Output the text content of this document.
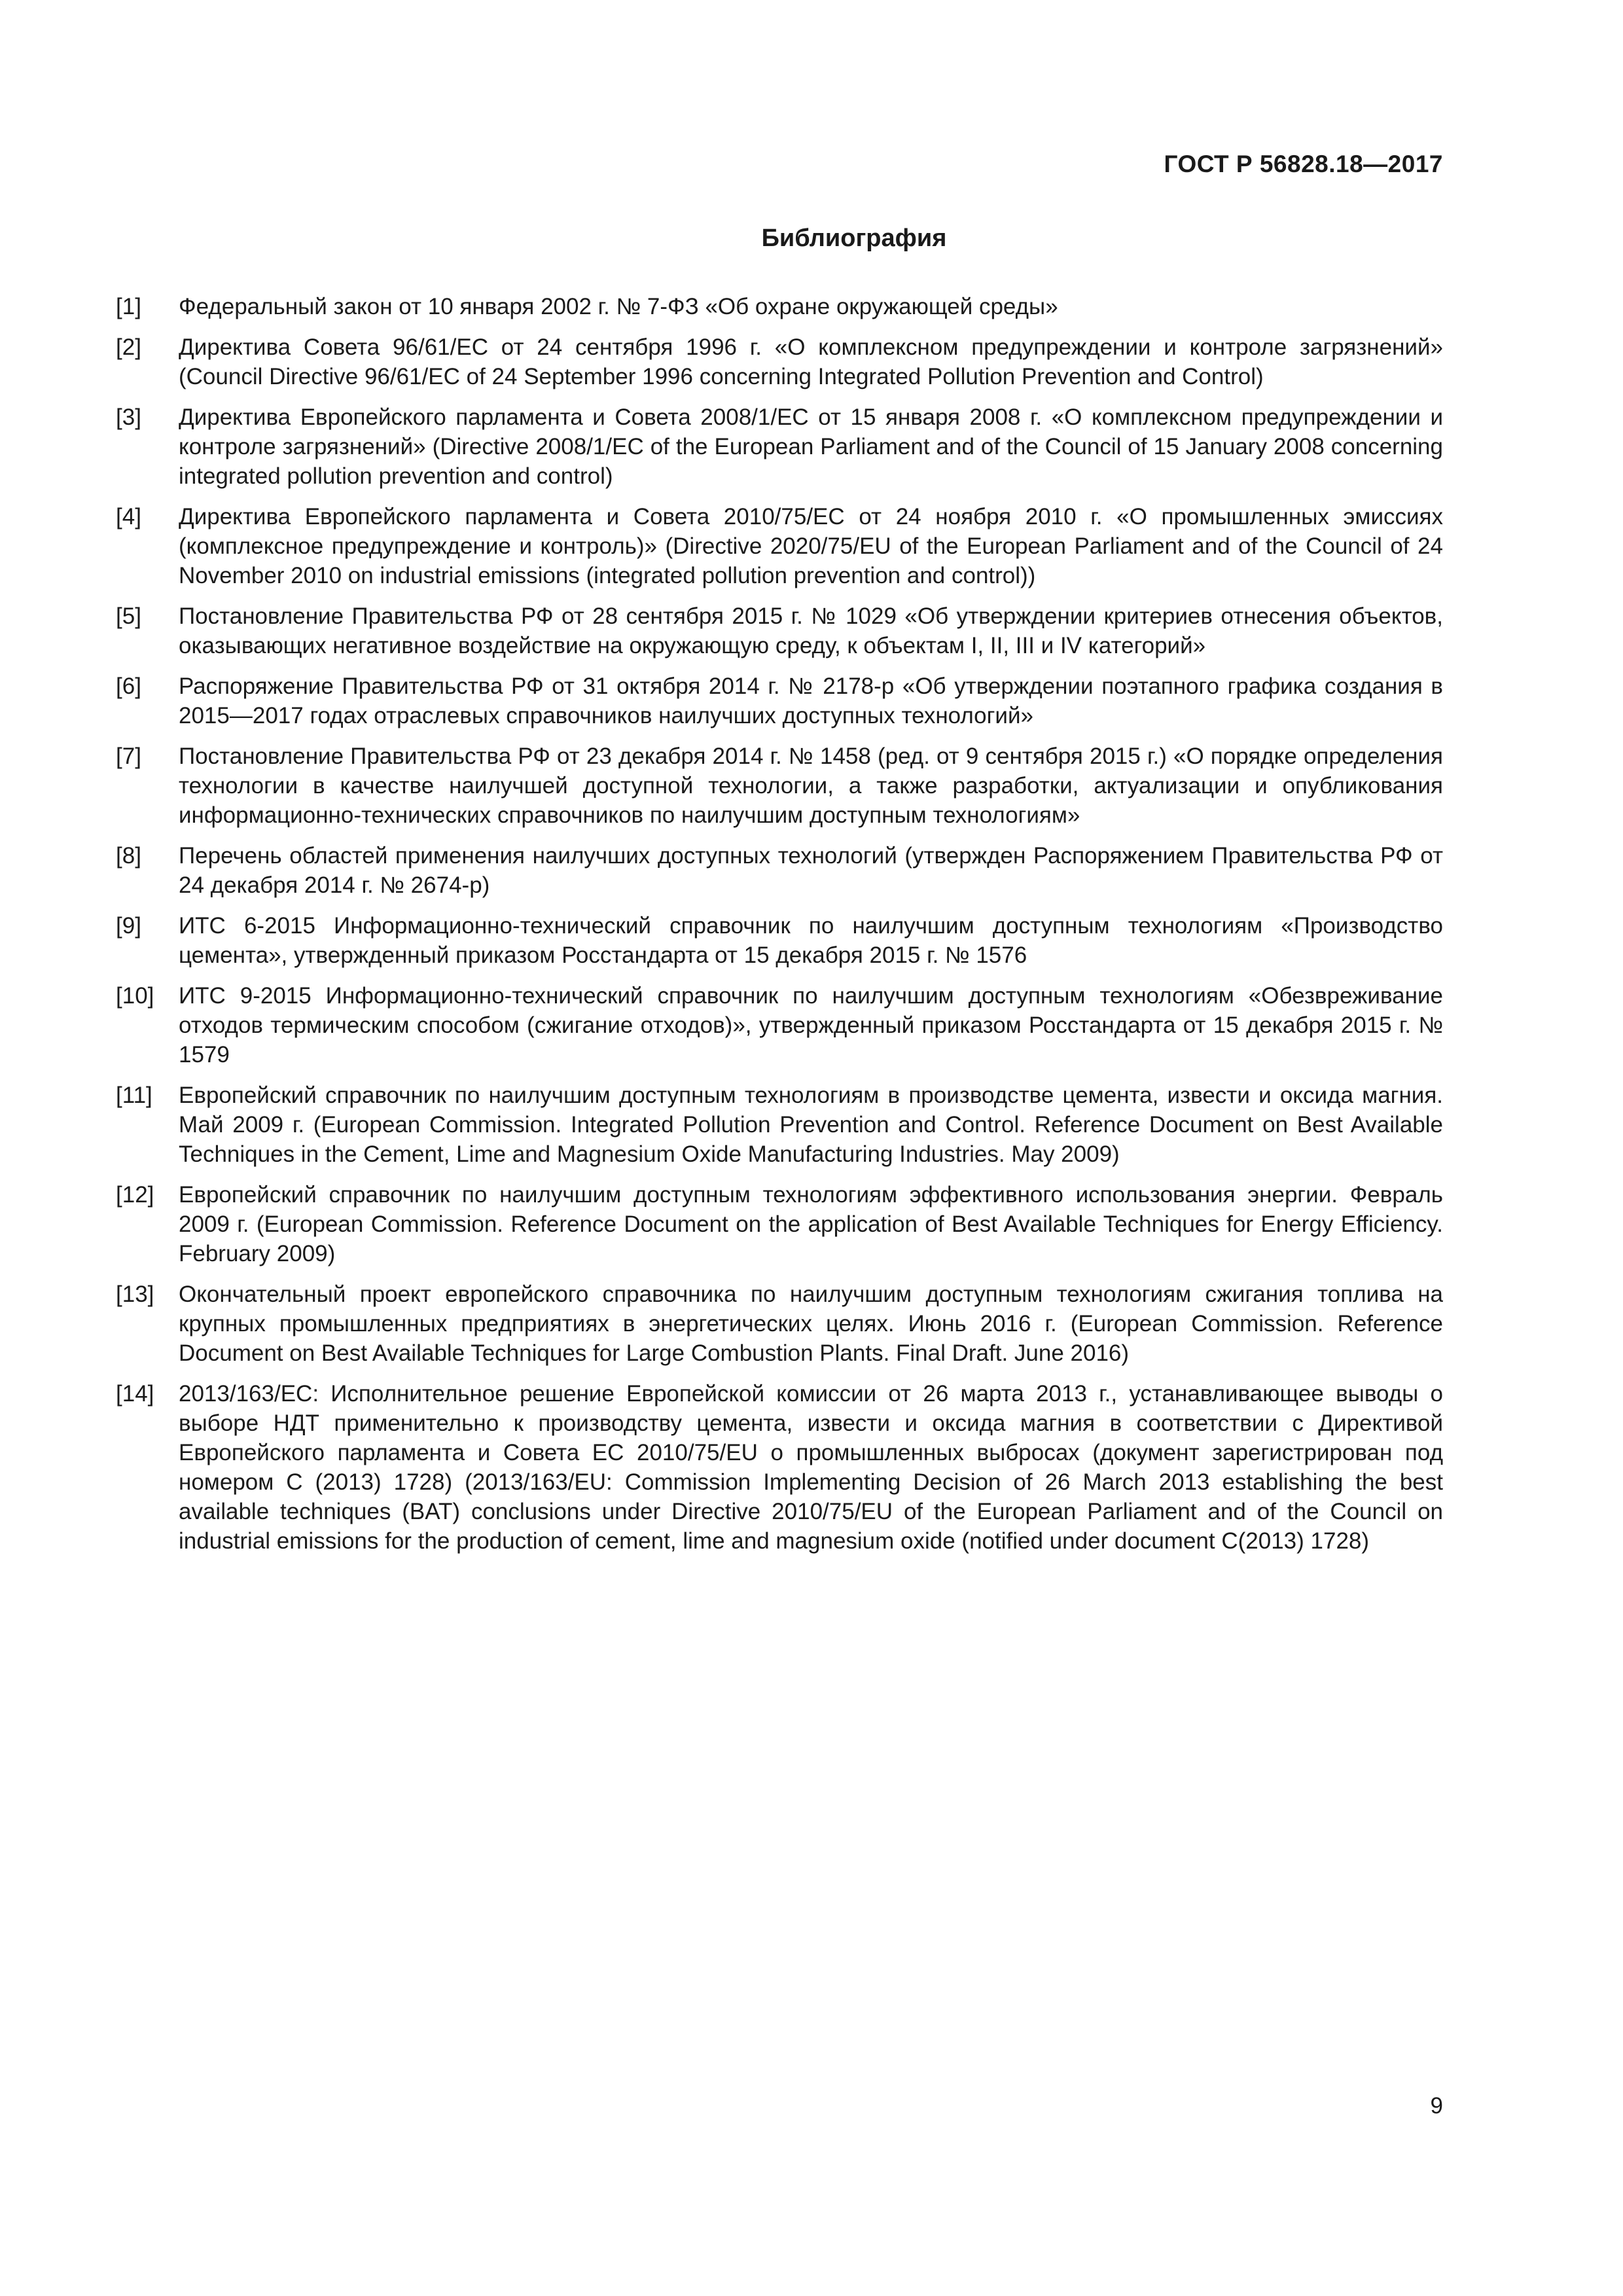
ГОСТ Р 56828.18—2017
Библиография
[1]	Федеральный закон от 10 января 2002 г. № 7-ФЗ «Об охране окружающей среды»
[2]	Директива Совета 96/61/ЕС от 24 сентября 1996 г. «О комплексном предупреждении и контроле загрязнений» (Council Directive 96/61/EC of 24 September 1996 concerning Integrated Pollution Prevention and Control)
[3]	Директива Европейского парламента и Совета 2008/1/ЕС от 15 января 2008 г. «О комплексном предупреждении и контроле загрязнений» (Directive 2008/1/EC of the European Parliament and of the Council of 15 January 2008 concerning integrated pollution prevention and control)
[4]	Директива Европейского парламента и Совета 2010/75/ЕС от 24 ноября 2010 г. «О промышленных эмиссиях (комплексное предупреждение и контроль)» (Directive 2020/75/EU of the European Parliament and of the Council of 24 November 2010 on industrial emissions (integrated pollution prevention and control))
[5]	Постановление Правительства РФ от 28 сентября 2015 г. № 1029 «Об утверждении критериев отнесения объектов, оказывающих негативное воздействие на окружающую среду, к объектам I, II, III и IV категорий»
[6]	Распоряжение Правительства РФ от 31 октября 2014 г. № 2178-р «Об утверждении поэтапного графика создания в 2015—2017 годах отраслевых справочников наилучших доступных технологий»
[7]	Постановление Правительства РФ от 23 декабря 2014 г. № 1458 (ред. от 9 сентября 2015 г.) «О порядке определения технологии в качестве наилучшей доступной технологии, а также разработки, актуализации и опубликования информационно-технических справочников по наилучшим доступным технологиям»
[8]	Перечень областей применения наилучших доступных технологий (утвержден Распоряжением Правительства РФ от 24 декабря 2014 г. № 2674-р)
[9]	ИТС 6-2015 Информационно-технический справочник по наилучшим доступным технологиям «Производство цемента», утвержденный приказом Росстандарта от 15 декабря 2015 г. № 1576
[10]	ИТС 9-2015 Информационно-технический справочник по наилучшим доступным технологиям «Обезвреживание отходов термическим способом (сжигание отходов)», утвержденный приказом Росстандарта от 15 декабря 2015 г. № 1579
[11]	Европейский справочник по наилучшим доступным технологиям в производстве цемента, извести и оксида магния. Май 2009 г. (European Commission. Integrated Pollution Prevention and Control. Reference Document on Best Available Techniques in the Cement, Lime and Magnesium Oxide Manufacturing Industries. May 2009)
[12]	Европейский справочник по наилучшим доступным технологиям эффективного использования энергии. Февраль 2009 г. (European Commission. Reference Document on the application of Best Available Techniques for Energy Efficiency. February 2009)
[13]	Окончательный проект европейского справочника по наилучшим доступным технологиям сжигания топлива на крупных промышленных предприятиях в энергетических целях. Июнь 2016 г. (European Commission. Reference Document on Best Available Techniques for Large Combustion Plants. Final Draft. June 2016)
[14]	2013/163/ЕС: Исполнительное решение Европейской комиссии от 26 марта 2013 г., устанавливающее выводы о выборе НДТ применительно к производству цемента, извести и оксида магния в соответствии с Директивой Европейского парламента и Совета ЕС 2010/75/EU о промышленных выбросах (документ зарегистрирован под номером C (2013) 1728) (2013/163/EU: Commission Implementing Decision of 26 March 2013 establishing the best available techniques (BAT) conclusions under Directive 2010/75/EU of the European Parliament and of the Council on industrial emissions for the production of cement, lime and magnesium oxide (notified under document C(2013) 1728)
9
